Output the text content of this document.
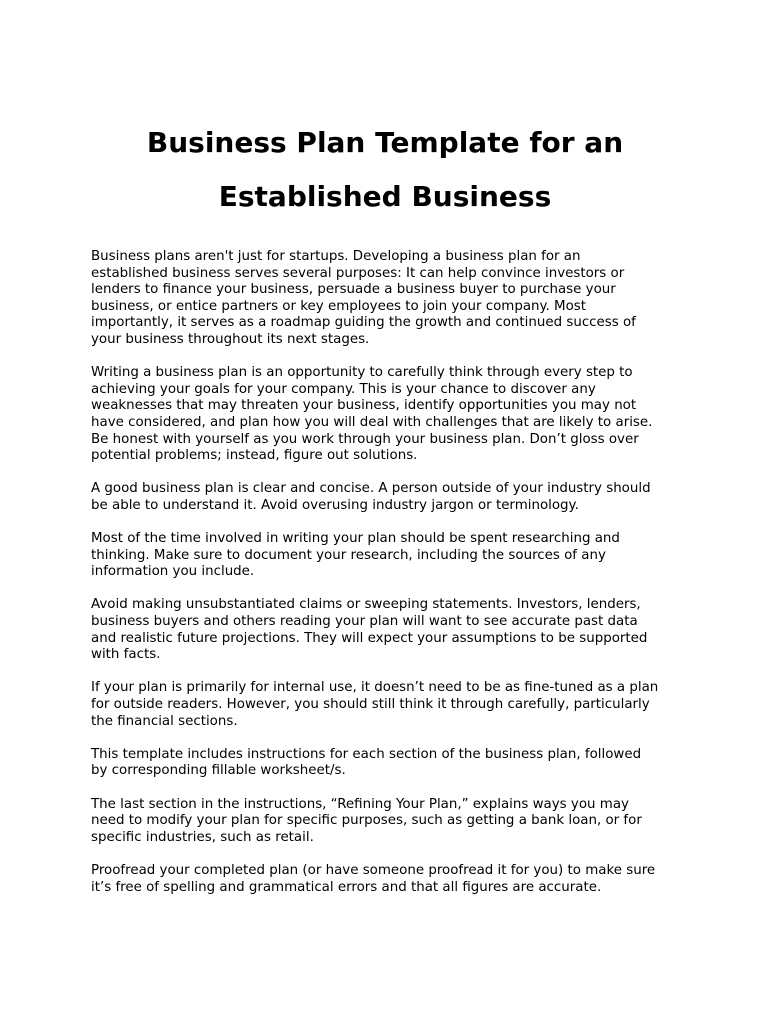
Business Plan Template for an
Established Business

Business plans aren't just for startups. Developing a business plan for an
established business serves several purposes: It can help convince investors or
lenders to finance your business, persuade a business buyer to purchase your
business, or entice partners or key employees to join your company. Most
importantly, it serves as a roadmap guiding the growth and continued success of
your business throughout its next stages.

Writing a business plan is an opportunity to carefully think through every step to
achieving your goals for your company. This is your chance to discover any
weaknesses that may threaten your business, identify opportunities you may not
have considered, and plan how you will deal with challenges that are likely to arise.
Be honest with yourself as you work through your business plan. Don’t gloss over
potential problems; instead, figure out solutions.

A good business plan is clear and concise. A person outside of your industry should
be able to understand it. Avoid overusing industry jargon or terminology.

Most of the time involved in writing your plan should be spent researching and
thinking. Make sure to document your research, including the sources of any
information you include.

Avoid making unsubstantiated claims or sweeping statements. Investors, lenders,
business buyers and others reading your plan will want to see accurate past data
and realistic future projections. They will expect your assumptions to be supported
with facts.

If your plan is primarily for internal use, it doesn’t need to be as fine-tuned as a plan
for outside readers. However, you should still think it through carefully, particularly
the financial sections.

This template includes instructions for each section of the business plan, followed
by corresponding fillable worksheet/s.

The last section in the instructions, “Refining Your Plan,” explains ways you may
need to modify your plan for specific purposes, such as getting a bank loan, or for
specific industries, such as retail.

Proofread your completed plan (or have someone proofread it for you) to make sure
it’s free of spelling and grammatical errors and that all figures are accurate.
